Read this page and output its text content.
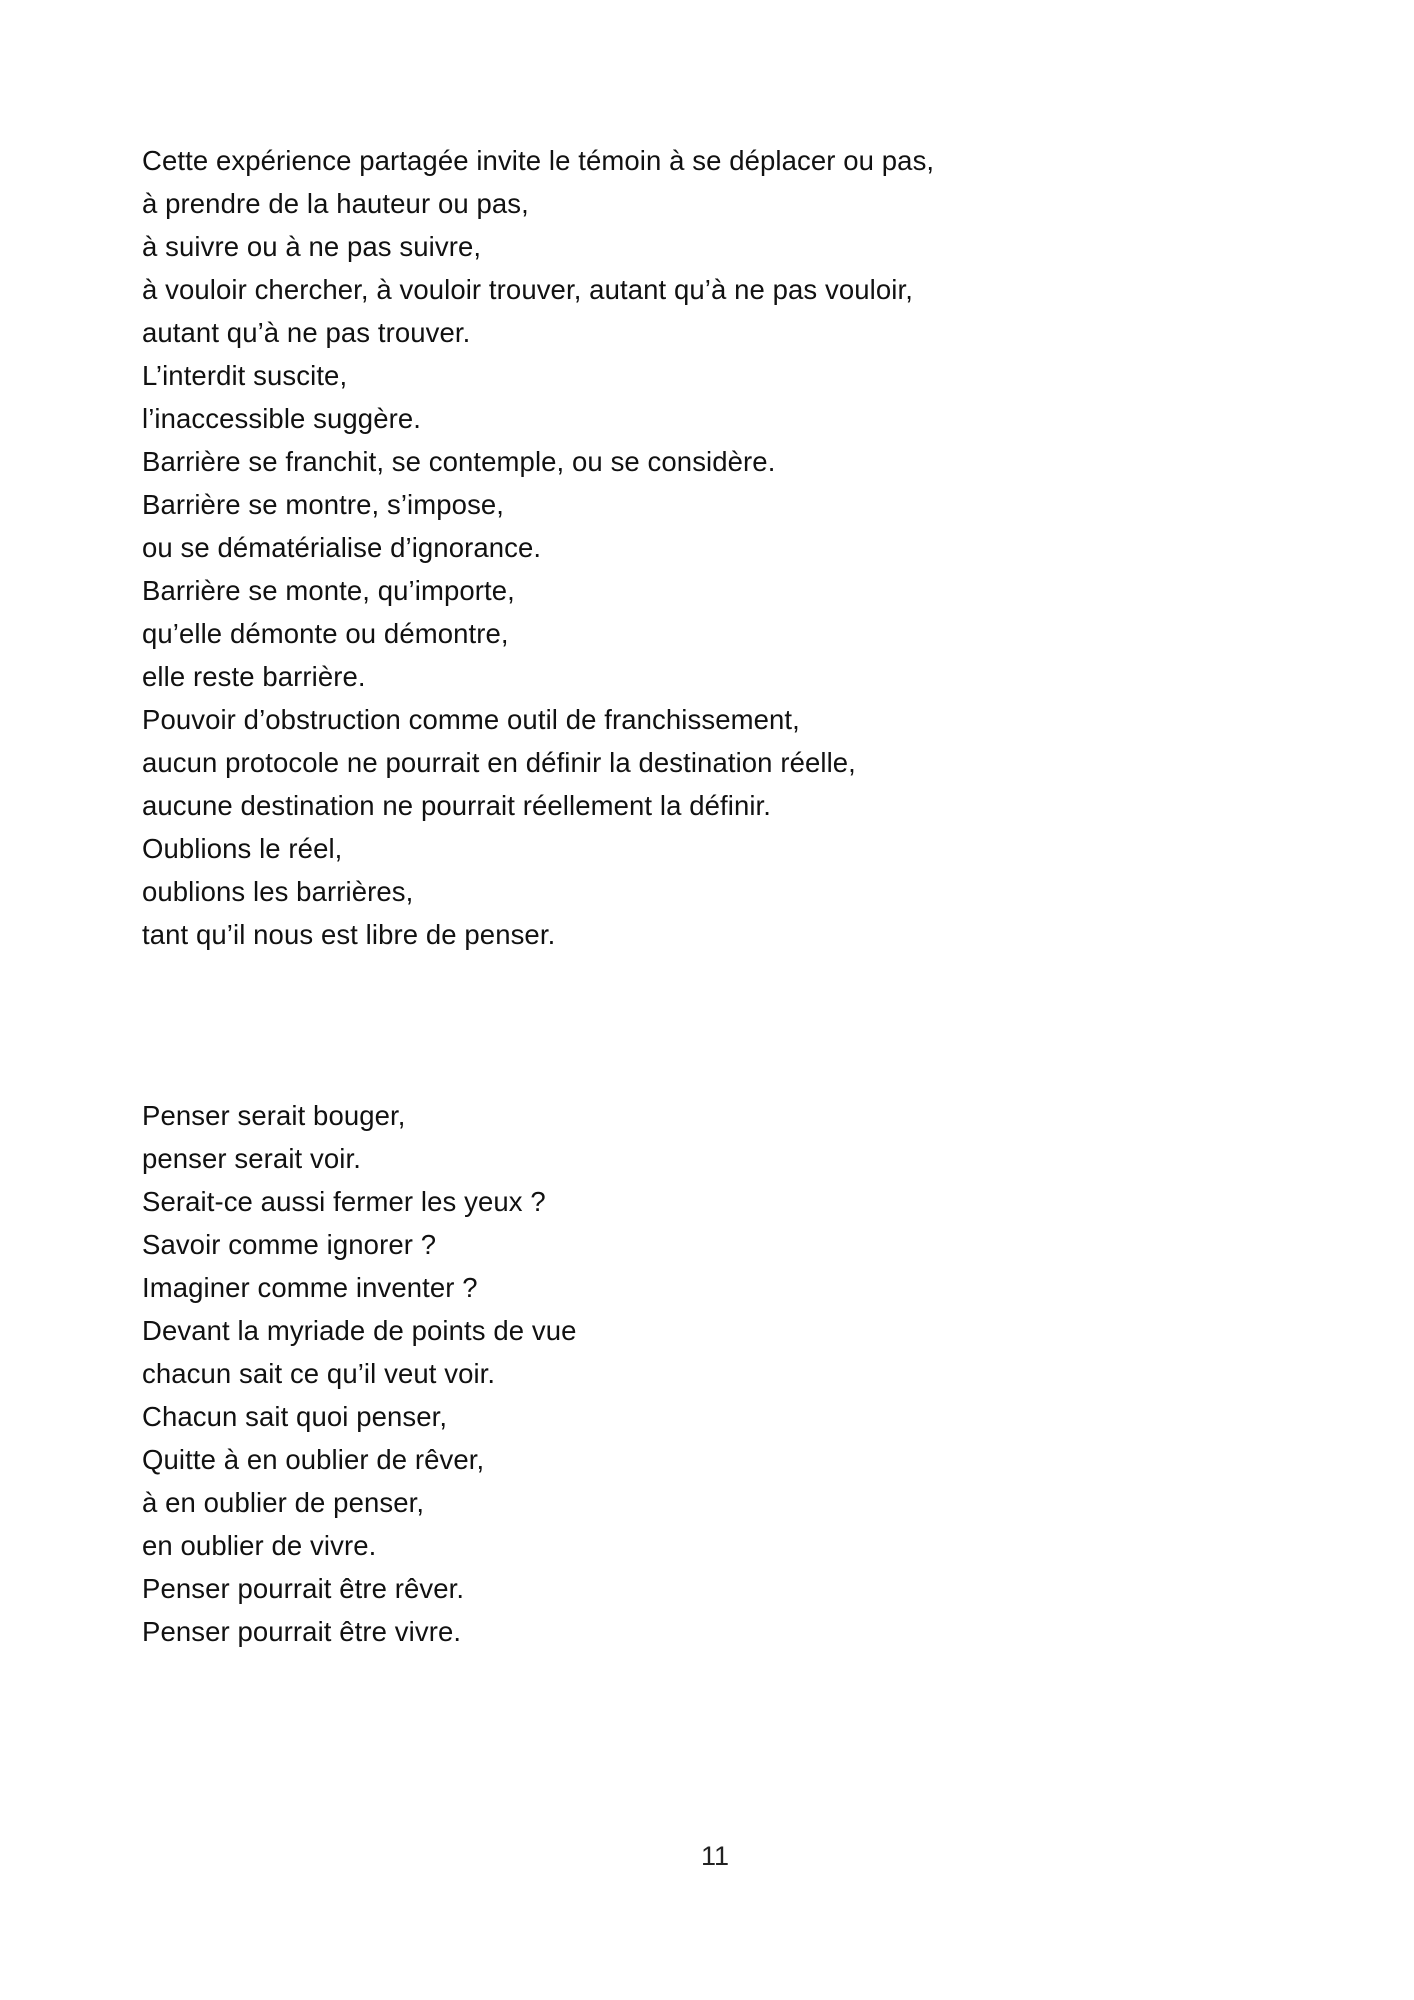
Cette expérience partagée invite le témoin à se déplacer ou pas,
à prendre de la hauteur ou pas,
à suivre ou à ne pas suivre,
à vouloir chercher, à vouloir trouver, autant qu’à ne pas vouloir,
autant qu’à ne pas trouver.
L’interdit suscite,
l’inaccessible suggère.
Barrière se franchit, se contemple, ou se considère.
Barrière se montre, s’impose,
ou se dématérialise d’ignorance.
Barrière se monte, qu’importe,
qu’elle démonte ou démontre,
elle reste barrière.
Pouvoir d’obstruction comme outil de franchissement,
aucun protocole ne pourrait en définir la destination réelle,
aucune destination ne pourrait réellement la définir.
Oublions le réel,
oublions les barrières,
tant qu’il nous est libre de penser.
Penser serait bouger,
penser serait voir.
Serait-ce aussi fermer les yeux ?
Savoir comme ignorer ?
Imaginer comme inventer ?
Devant la myriade de points de vue
chacun sait ce qu’il veut voir.
Chacun sait quoi penser,
Quitte à en oublier de rêver,
à en oublier de penser,
en oublier de vivre.
Penser pourrait être rêver.
Penser pourrait être vivre.
11
